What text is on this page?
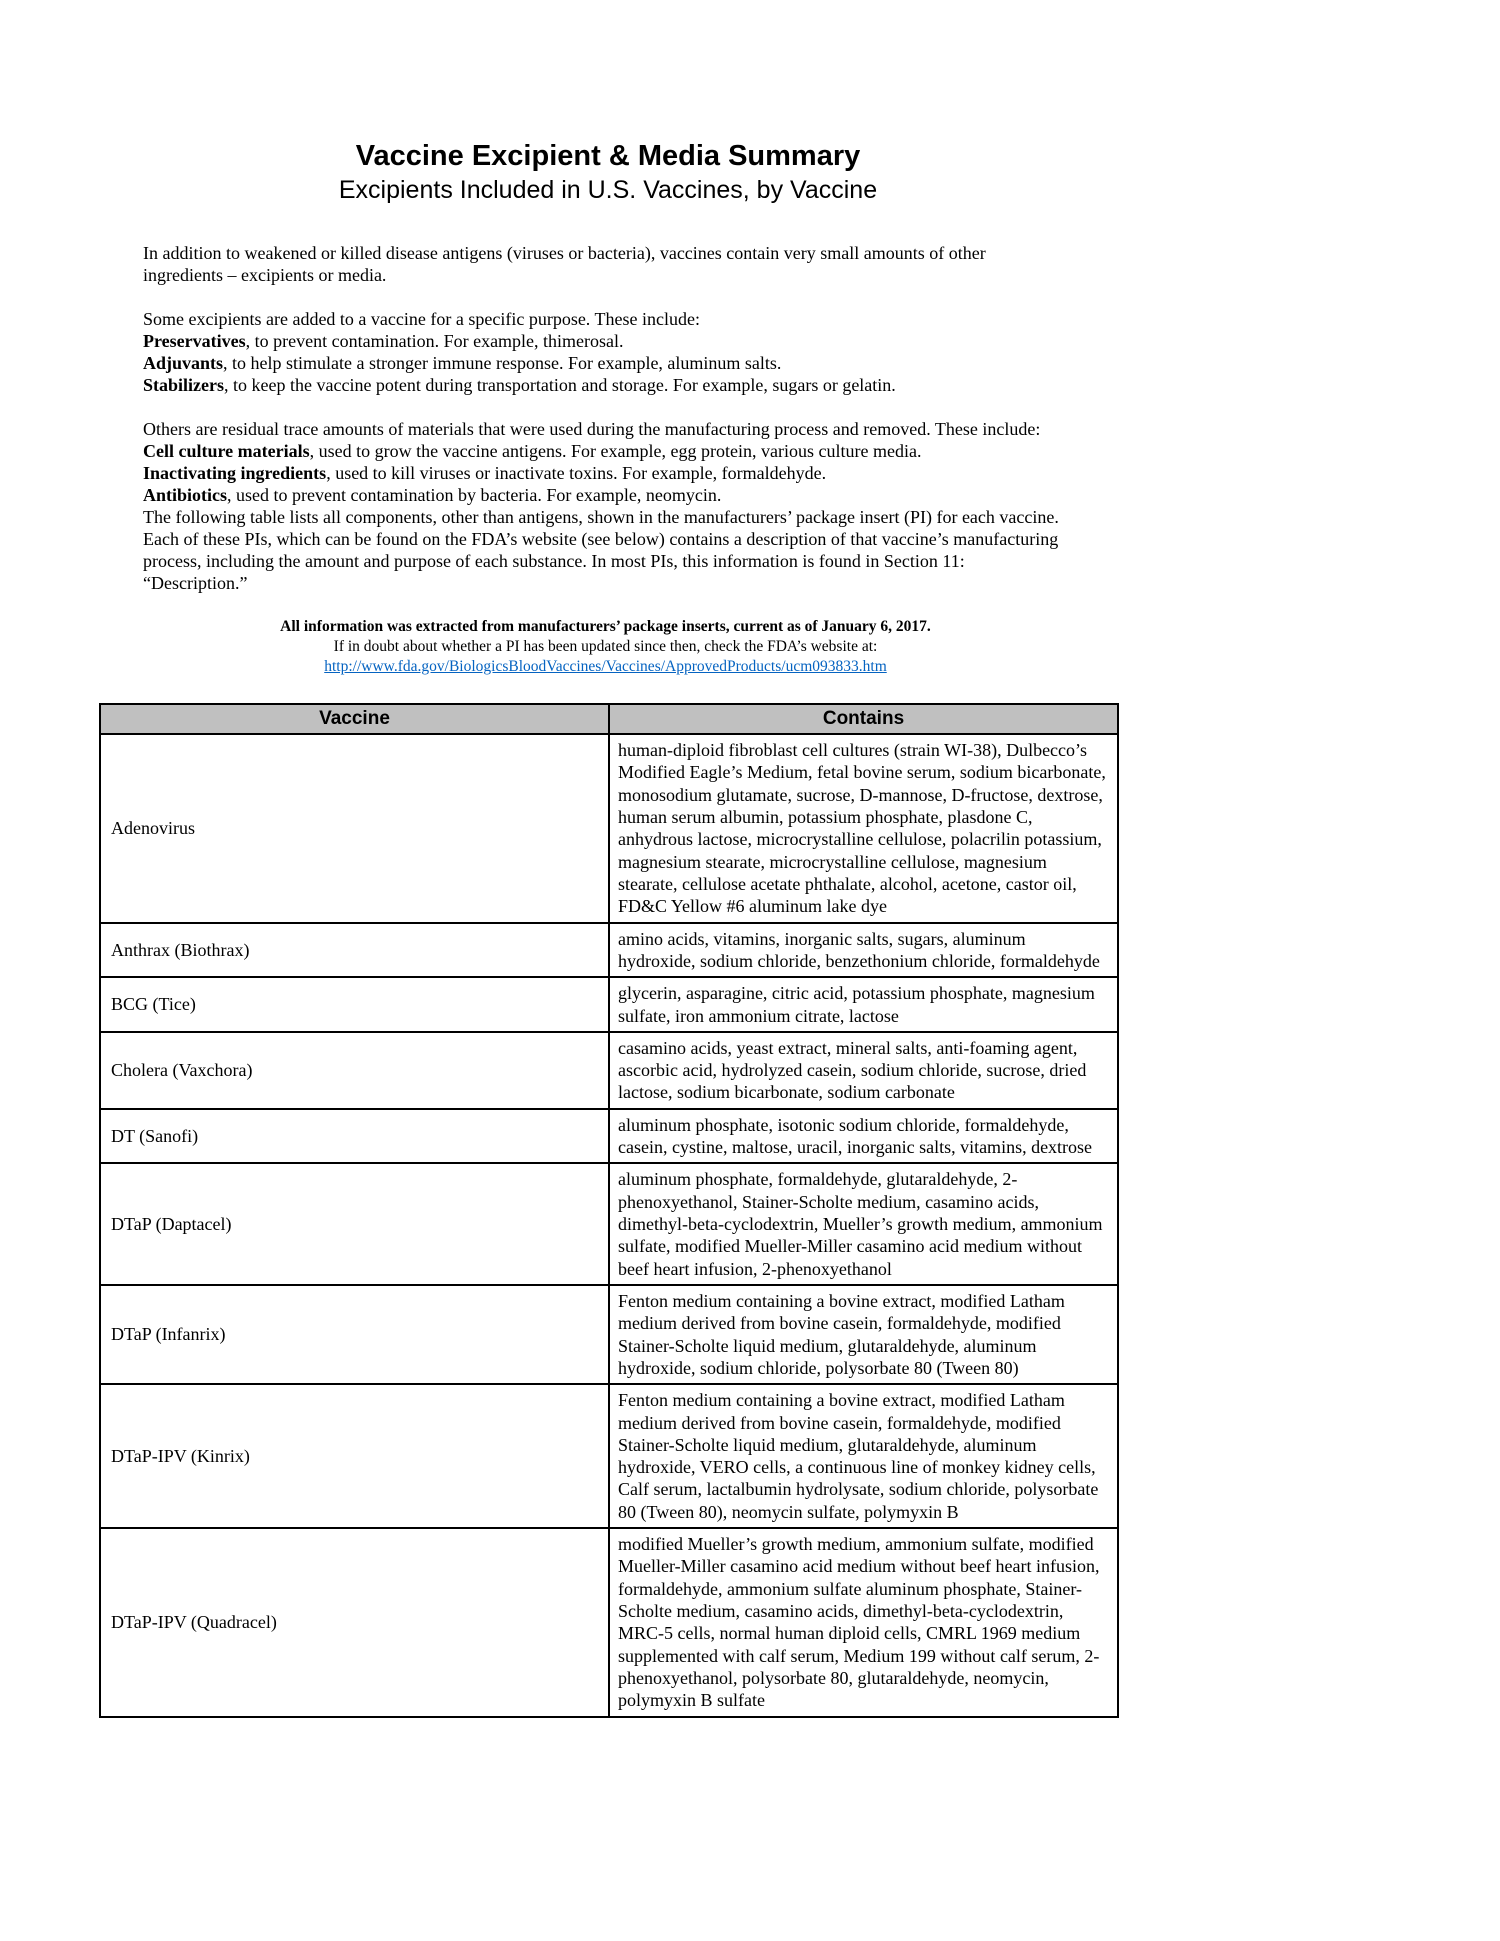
Vaccine Excipient & Media Summary
Excipients Included in U.S. Vaccines, by Vaccine

In addition to weakened or killed disease antigens (viruses or bacteria), vaccines contain very small amounts of other ingredients – excipients or media.

Some excipients are added to a vaccine for a specific purpose. These include:

Preservatives, to prevent contamination. For example, thimerosal.

Adjuvants, to help stimulate a stronger immune response. For example, aluminum salts.

Stabilizers, to keep the vaccine potent during transportation and storage. For example, sugars or gelatin.

Others are residual trace amounts of materials that were used during the manufacturing process and removed. These include:

Cell culture materials, used to grow the vaccine antigens. For example, egg protein, various culture media.

Inactivating ingredients, used to kill viruses or inactivate toxins. For example, formaldehyde.

Antibiotics, used to prevent contamination by bacteria. For example, neomycin.

The following table lists all components, other than antigens, shown in the manufacturers’ package insert (PI) for each vaccine. Each of these PIs, which can be found on the FDA’s website (see below) contains a description of that vaccine’s manufacturing process, including the amount and purpose of each substance. In most PIs, this information is found in Section 11: “Description.”

All information was extracted from manufacturers’ package inserts, current as of January 6, 2017.

If in doubt about whether a PI has been updated since then, check the FDA’s website at:

http://www.fda.gov/BiologicsBloodVaccines/Vaccines/ApprovedProducts/ucm093833.htm

Vaccine	Contains
Adenovirus	human-diploid fibroblast cell cultures (strain WI-38), Dulbecco’s Modified Eagle’s Medium, fetal bovine serum, sodium bicarbonate, monosodium glutamate, sucrose, D-mannose, D-fructose, dextrose, human serum albumin, potassium phosphate, plasdone C, anhydrous lactose, microcrystalline cellulose, polacrilin potassium, magnesium stearate, microcrystalline cellulose, magnesium stearate, cellulose acetate phthalate, alcohol, acetone, castor oil, FD&C Yellow #6 aluminum lake dye
Anthrax (Biothrax)	amino acids, vitamins, inorganic salts, sugars, aluminum hydroxide, sodium chloride, benzethonium chloride, formaldehyde
BCG (Tice)	glycerin, asparagine, citric acid, potassium phosphate, magnesium sulfate, iron ammonium citrate, lactose
Cholera (Vaxchora)	casamino acids, yeast extract, mineral salts, anti-foaming agent, ascorbic acid, hydrolyzed casein, sodium chloride, sucrose, dried lactose, sodium bicarbonate, sodium carbonate
DT (Sanofi)	aluminum phosphate, isotonic sodium chloride, formaldehyde, casein, cystine, maltose, uracil, inorganic salts, vitamins, dextrose
DTaP (Daptacel)	aluminum phosphate, formaldehyde, glutaraldehyde, 2-phenoxyethanol, Stainer-Scholte medium, casamino acids, dimethyl-beta-cyclodextrin, Mueller’s growth medium, ammonium sulfate, modified Mueller-Miller casamino acid medium without beef heart infusion, 2-phenoxyethanol
DTaP (Infanrix)	Fenton medium containing a bovine extract, modified Latham medium derived from bovine casein, formaldehyde, modified Stainer-Scholte liquid medium, glutaraldehyde, aluminum hydroxide, sodium chloride, polysorbate 80 (Tween 80)
DTaP-IPV (Kinrix)	Fenton medium containing a bovine extract, modified Latham medium derived from bovine casein, formaldehyde, modified Stainer-Scholte liquid medium, glutaraldehyde, aluminum hydroxide, VERO cells, a continuous line of monkey kidney cells, Calf serum, lactalbumin hydrolysate, sodium chloride, polysorbate 80 (Tween 80), neomycin sulfate, polymyxin B
DTaP-IPV (Quadracel)	modified Mueller’s growth medium, ammonium sulfate, modified Mueller-Miller casamino acid medium without beef heart infusion, formaldehyde, ammonium sulfate aluminum phosphate, Stainer-Scholte medium, casamino acids, dimethyl-beta-cyclodextrin, MRC-5 cells, normal human diploid cells, CMRL 1969 medium supplemented with calf serum, Medium 199 without calf serum, 2-phenoxyethanol, polysorbate 80, glutaraldehyde, neomycin, polymyxin B sulfate
